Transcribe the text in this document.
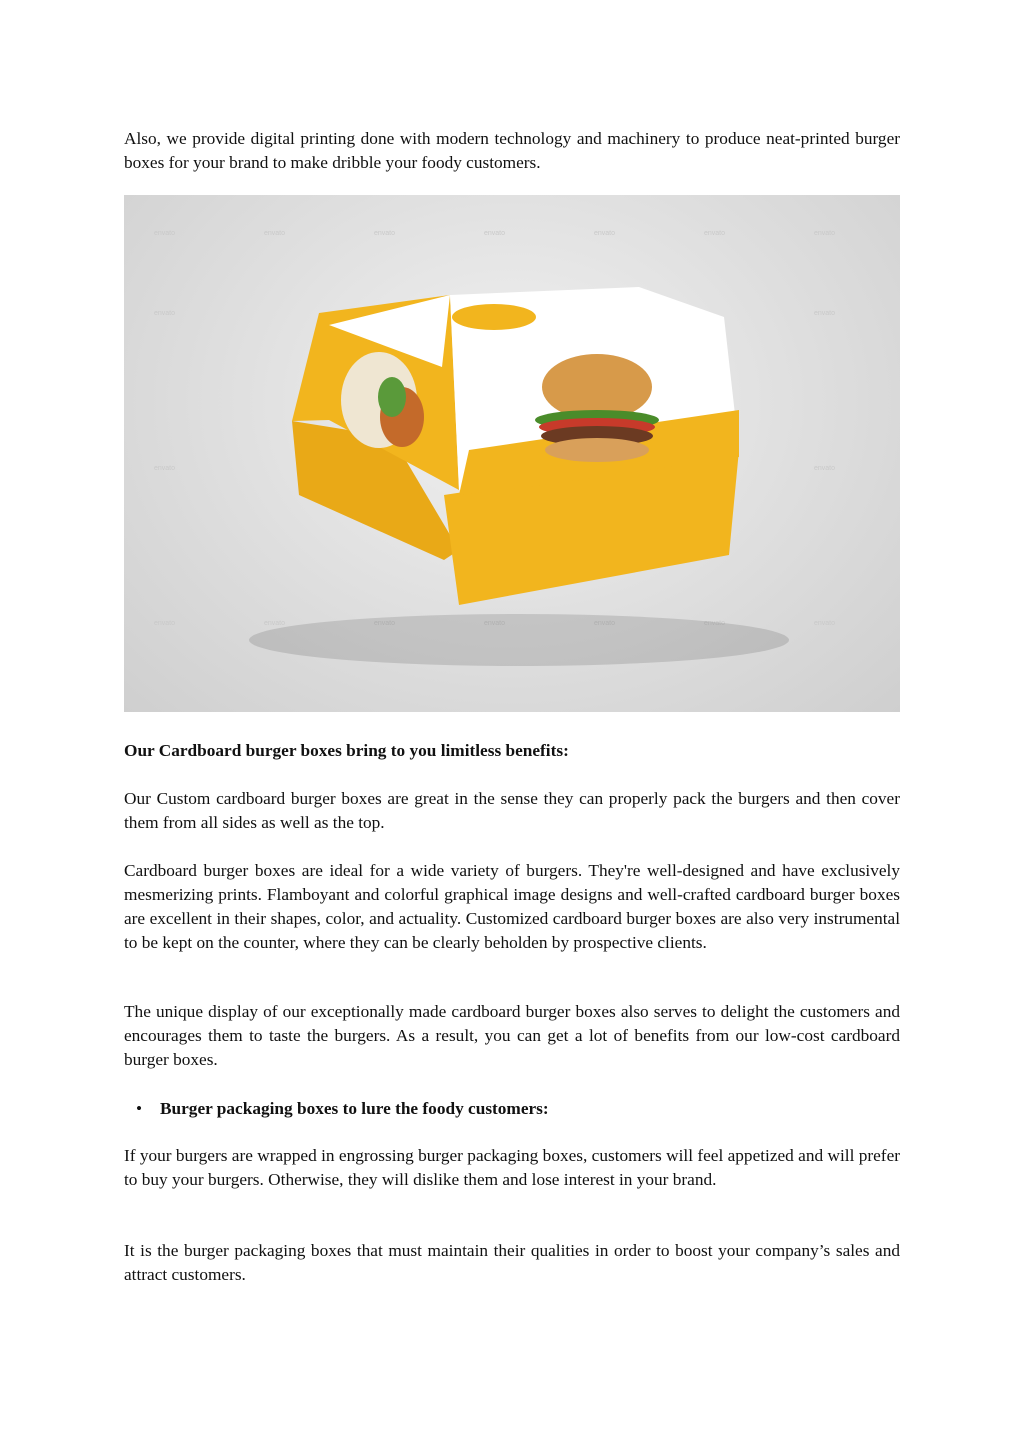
Also, we provide digital printing done with modern technology and machinery to produce neat-printed burger boxes for your brand to make dribble your foody customers.

envato	envato	envato	envato	envato	envato	envato
envato	envato
envato	envato
envato	envato	envato	envato	envato	envato	envato

Our Cardboard burger boxes bring to you limitless benefits:

Our Custom cardboard burger boxes are great in the sense they can properly pack the burgers and then cover them from all sides as well as the top.

Cardboard burger boxes are ideal for a wide variety of burgers. They're well-designed and have exclusively mesmerizing prints. Flamboyant and colorful graphical image designs and well-crafted cardboard burger boxes are excellent in their shapes, color, and actuality. Customized cardboard burger boxes are also very instrumental to be kept on the counter, where they can be clearly beholden by prospective clients.

The unique display of our exceptionally made cardboard burger boxes also serves to delight the customers and encourages them to taste the burgers. As a result, you can get a lot of benefits from our low-cost cardboard burger boxes.

• Burger packaging boxes to lure the foody customers:

If your burgers are wrapped in engrossing burger packaging boxes, customers will feel appetized and will prefer to buy your burgers. Otherwise, they will dislike them and lose interest in your brand.

It is the burger packaging boxes that must maintain their qualities in order to boost your company’s sales and attract customers.
